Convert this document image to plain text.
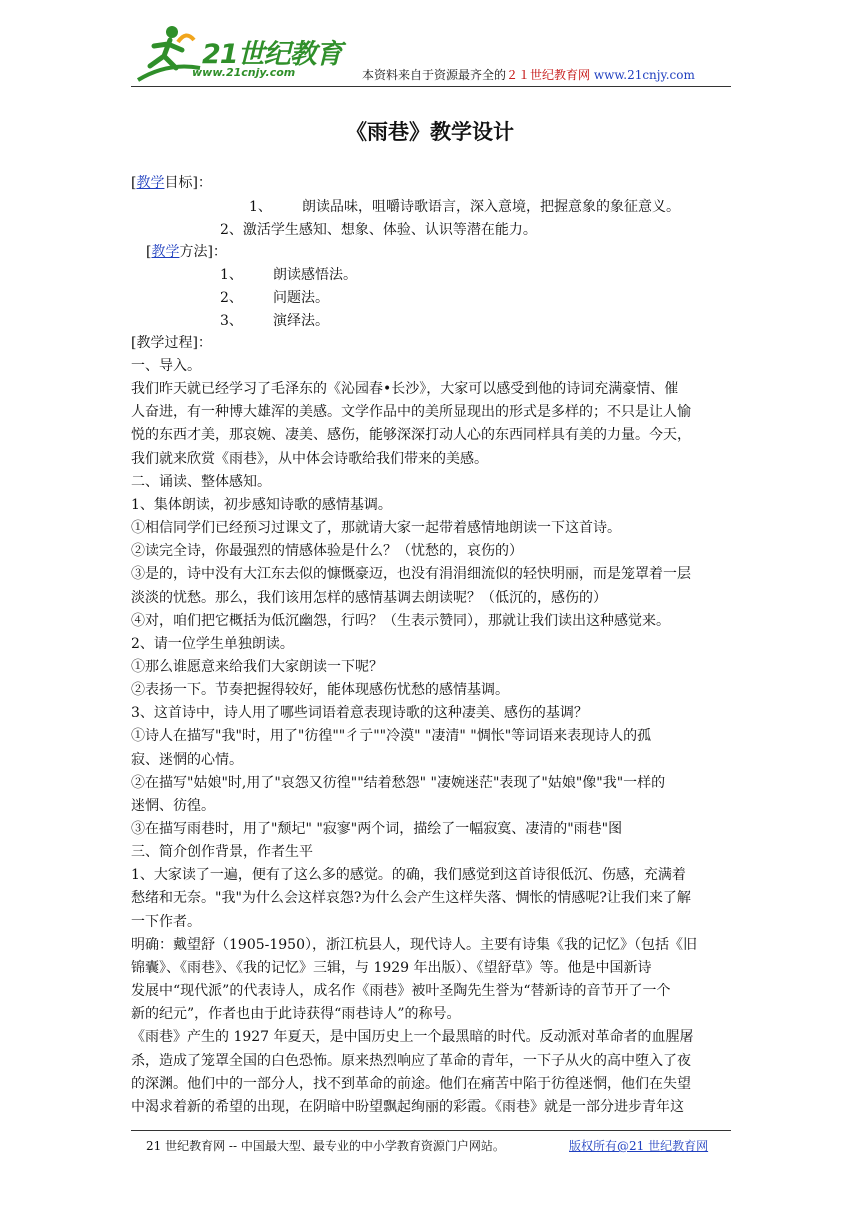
21世纪教育
www.21cnjy.com	本资料来自于资源最齐全的２１世纪教育网 www.21cnjy.com
《雨巷》教学设计
[教学目标]：
1、 朗读品味，咀嚼诗歌语言，深入意境，把握意象的象征意义。
2、激活学生感知、想象、体验、认识等潜在能力。
[教学方法]：
1、 朗读感悟法。
2、 问题法。
3、 演绎法。
[教学过程]：
一、导入。
我们昨天就已经学习了毛泽东的《沁园春•长沙》，大家可以感受到他的诗词充满豪情、催
人奋进，有一种博大雄浑的美感。文学作品中的美所显现出的形式是多样的；不只是让人愉
悦的东西才美，那哀婉、凄美、感伤，能够深深打动人心的东西同样具有美的力量。今天，
我们就来欣赏《雨巷》，从中体会诗歌给我们带来的美感。
二、诵读、整体感知。
1、集体朗读，初步感知诗歌的感情基调。
①相信同学们已经预习过课文了，那就请大家一起带着感情地朗读一下这首诗。
②读完全诗，你最强烈的情感体验是什么？（忧愁的，哀伤的）
③是的，诗中没有大江东去似的慷慨豪迈，也没有涓涓细流似的轻快明丽，而是笼罩着一层
淡淡的忧愁。那么，我们该用怎样的感情基调去朗读呢？（低沉的，感伤的）
④对，咱们把它概括为低沉幽怨，行吗？（生表示赞同），那就让我们读出这种感觉来。
2、请一位学生单独朗读。
①那么谁愿意来给我们大家朗读一下呢？
②表扬一下。节奏把握得较好，能体现感伤忧愁的感情基调。
3、这首诗中，诗人用了哪些词语着意表现诗歌的这种凄美、感伤的基调？
①诗人在描写"我"时，用了"彷徨""彳亍""冷漠" "凄清" "惆怅"等词语来表现诗人的孤
寂、迷惘的心情。
②在描写"姑娘"时,用了"哀怨又彷徨""结着愁怨" "凄婉迷茫"表现了"姑娘"像"我"一样的
迷惘、彷徨。
③在描写雨巷时，用了"颓圮" "寂寥"两个词，描绘了一幅寂寞、凄清的"雨巷"图
三、简介创作背景，作者生平
1、大家读了一遍，便有了这么多的感觉。的确，我们感觉到这首诗很低沉、伤感，充满着
愁绪和无奈。"我"为什么会这样哀怨?为什么会产生这样失落、惆怅的情感呢?让我们来了解
一下作者。
明确：戴望舒（1905-1950），浙江杭县人，现代诗人。主要有诗集《我的记忆》（包括《旧
锦囊》、《雨巷》、《我的记忆》三辑，与 1929 年出版）、《望舒草》等。他是中国新诗
发展中“现代派”的代表诗人，成名作《雨巷》被叶圣陶先生誉为“替新诗的音节开了一个
新的纪元”，作者也由于此诗获得“雨巷诗人”的称号。
《雨巷》产生的 1927 年夏天，是中国历史上一个最黑暗的时代。反动派对革命者的血腥屠
杀，造成了笼罩全国的白色恐怖。原来热烈响应了革命的青年，一下子从火的高中堕入了夜
的深渊。他们中的一部分人，找不到革命的前途。他们在痛苦中陷于彷徨迷惘，他们在失望
中渴求着新的希望的出现，在阴暗中盼望飘起绚丽的彩霞。《雨巷》就是一部分进步青年这
21 世纪教育网 -- 中国最大型、最专业的中小学教育资源门户网站。	版权所有@21 世纪教育网
